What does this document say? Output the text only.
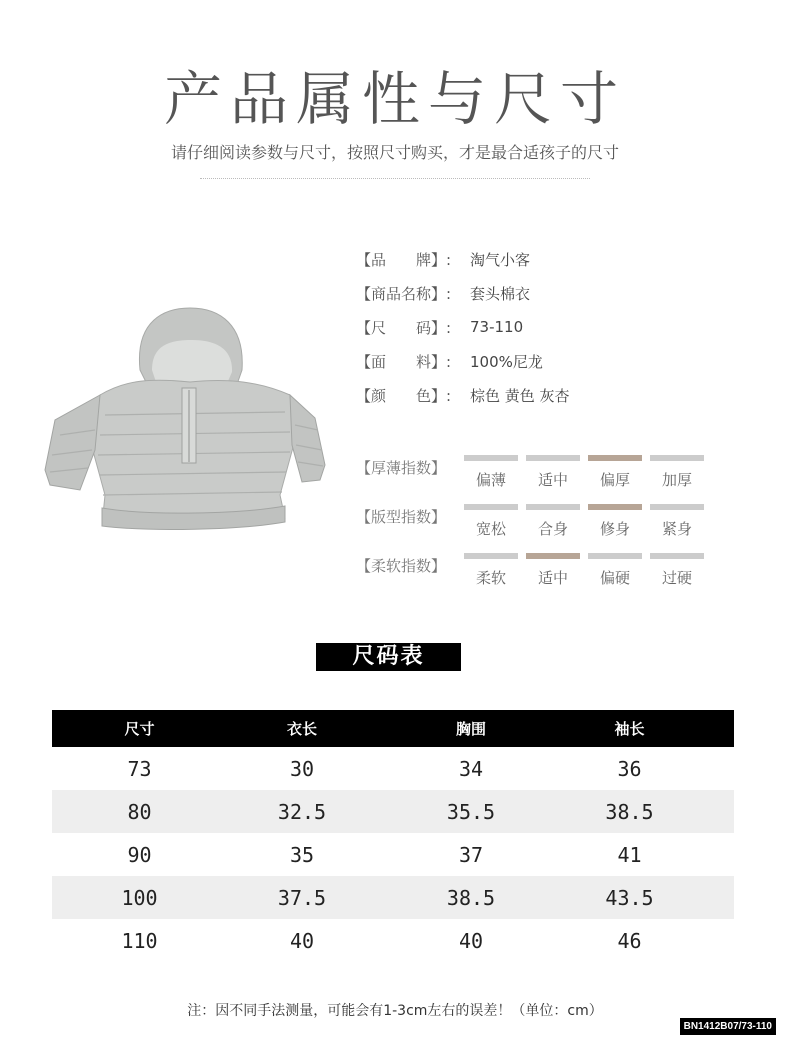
产品属性与尺寸
请仔细阅读参数与尺寸，按照尺寸购买，才是最合适孩子的尺寸
【品　　牌】:	淘气小客
【商品名称】:	套头棉衣
【尺　　码】:	73-110
【面　　料】:	100%尼龙
【颜　　色】:	棕色 黄色 灰杏
【厚薄指数】
偏薄	适中	偏厚	加厚
【版型指数】
宽松	合身	修身	紧身
【柔软指数】
柔软	适中	偏硬	过硬
尺码表
尺寸	衣长	胸围	袖长
73	30	34	36
80	32.5	35.5	38.5
90	35	37	41
100	37.5	38.5	43.5
110	40	40	46
注：因不同手法测量，可能会有1-3cm左右的误差！（单位：cm）
BN1412B07/73-110
